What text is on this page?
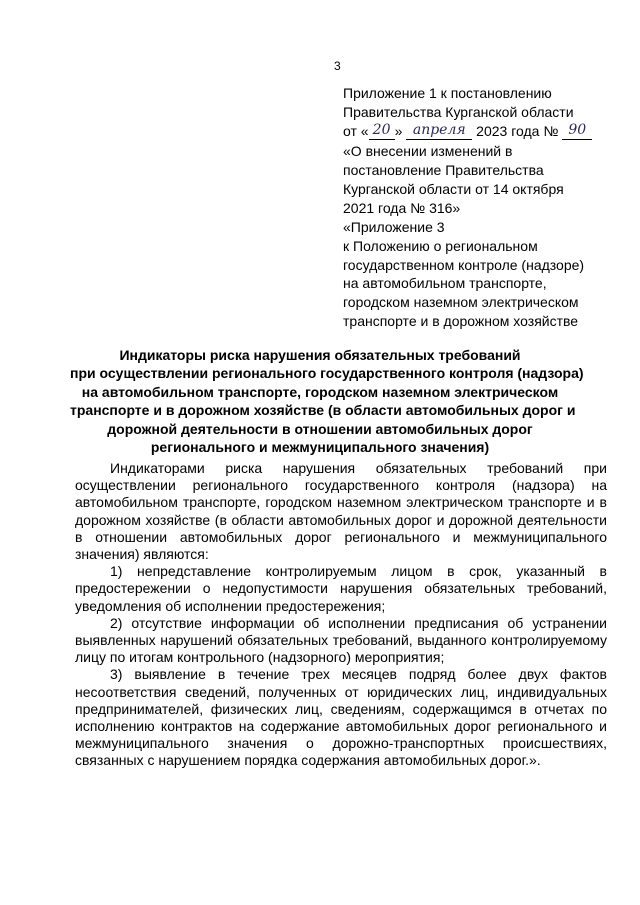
3
Приложение 1 к постановлению
Правительства Курганской области
от « 20 » апреля 2023 года № 90
«О внесении изменений в
постановление Правительства
Курганской области от 14 октября
2021 года № 316»
«Приложение 3
к Положению о региональном
государственном контроле (надзоре)
на автомобильном транспорте,
городском наземном электрическом
транспорте и в дорожном хозяйстве
Индикаторы риска нарушения обязательных требований
при осуществлении регионального государственного контроля (надзора)
на автомобильном транспорте, городском наземном электрическом
транспорте и в дорожном хозяйстве (в области автомобильных дорог и
дорожной деятельности в отношении автомобильных дорог
регионального и межмуниципального значения)
Индикаторами риска нарушения обязательных требований при осуществлении регионального государственного контроля (надзора) на автомобильном транспорте, городском наземном электрическом транспорте и в дорожном хозяйстве (в области автомобильных дорог и дорожной деятельности в отношении автомобильных дорог регионального и межмуниципального значения) являются:
1) непредставление контролируемым лицом в срок, указанный в предостережении о недопустимости нарушения обязательных требований, уведомления об исполнении предостережения;
2) отсутствие информации об исполнении предписания об устранении выявленных нарушений обязательных требований, выданного контролируемому лицу по итогам контрольного (надзорного) мероприятия;
3) выявление в течение трех месяцев подряд более двух фактов несоответствия сведений, полученных от юридических лиц, индивидуальных предпринимателей, физических лиц, сведениям, содержащимся в отчетах по исполнению контрактов на содержание автомобильных дорог регионального и межмуниципального значения о дорожно-транспортных происшествиях, связанных с нарушением порядка содержания автомобильных дорог.».
